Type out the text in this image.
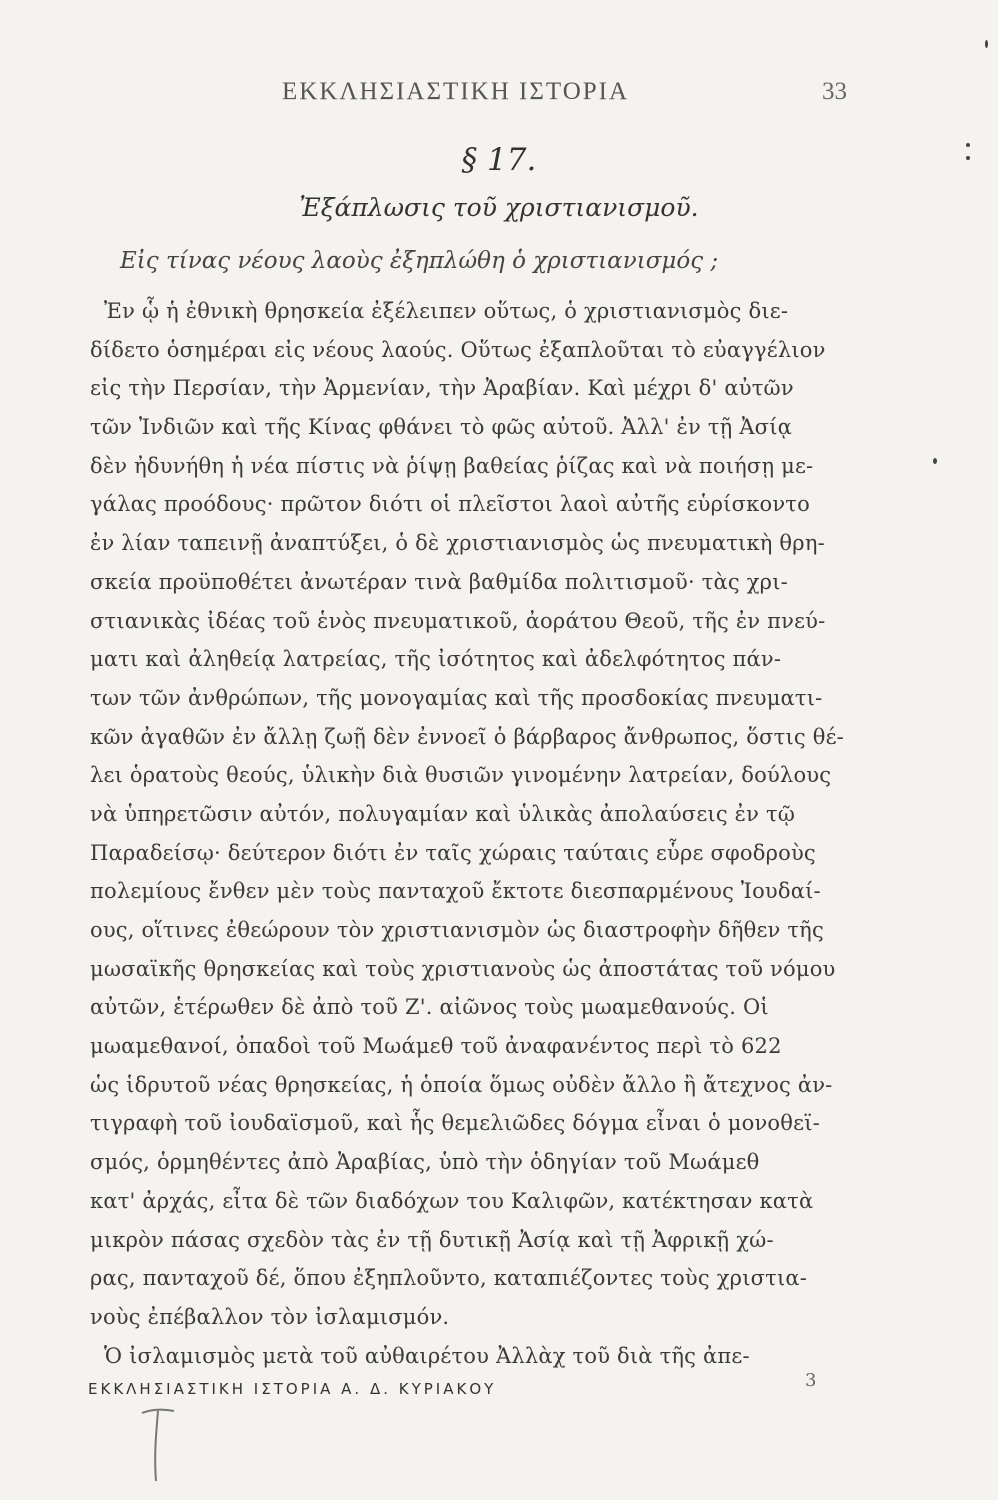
ΕΚΚΛΗΣΙΑΣΤΙΚΗ ΙΣΤΟΡΙΑ	33
§ 17.
Ἐξάπλωσις τοῦ χριστιανισμοῦ.
Εἰς τίνας νέους λαοὺς ἐξηπλώθη ὁ χριστιανισμός ;
Ἐν ᾧ ἡ ἐθνικὴ θρησκεία ἐξέλειπεν οὕτως, ὁ χριστιανισμὸς διε-
δίδετο ὁσημέραι εἰς νέους λαούς. Οὕτως ἐξαπλοῦται τὸ εὐαγγέλιον
εἰς τὴν Περσίαν, τὴν Ἀρμενίαν, τὴν Ἀραβίαν. Καὶ μέχρι δ' αὐτῶν
τῶν Ἰνδιῶν καὶ τῆς Κίνας φθάνει τὸ φῶς αὐτοῦ. Ἀλλ' ἐν τῇ Ἀσίᾳ
δὲν ἠδυνήθη ἡ νέα πίστις νὰ ῥίψῃ βαθείας ῥίζας καὶ νὰ ποιήσῃ με-
γάλας προόδους· πρῶτον διότι οἱ πλεῖστοι λαοὶ αὐτῆς εὑρίσκοντο
ἐν λίαν ταπεινῇ ἀναπτύξει, ὁ δὲ χριστιανισμὸς ὡς πνευματικὴ θρη-
σκεία προϋποθέτει ἀνωτέραν τινὰ βαθμίδα πολιτισμοῦ· τὰς χρι-
στιανικὰς ἰδέας τοῦ ἑνὸς πνευματικοῦ, ἀοράτου Θεοῦ, τῆς ἐν πνεύ-
ματι καὶ ἀληθείᾳ λατρείας, τῆς ἰσότητος καὶ ἀδελφότητος πάν-
των τῶν ἀνθρώπων, τῆς μονογαμίας καὶ τῆς προσδοκίας πνευματι-
κῶν ἀγαθῶν ἐν ἄλλῃ ζωῇ δὲν ἐννοεῖ ὁ βάρβαρος ἄνθρωπος, ὅστις θέ-
λει ὁρατοὺς θεούς, ὑλικὴν διὰ θυσιῶν γινομένην λατρείαν, δούλους
νὰ ὑπηρετῶσιν αὐτόν, πολυγαμίαν καὶ ὑλικὰς ἀπολαύσεις ἐν τῷ
Παραδείσῳ· δεύτερον διότι ἐν ταῖς χώραις ταύταις εὗρε σφοδροὺς
πολεμίους ἔνθεν μὲν τοὺς πανταχοῦ ἔκτοτε διεσπαρμένους Ἰουδαί-
ους, οἵτινες ἐθεώρουν τὸν χριστιανισμὸν ὡς διαστροφὴν δῆθεν τῆς
μωσαϊκῆς θρησκείας καὶ τοὺς χριστιανοὺς ὡς ἀποστάτας τοῦ νόμου
αὐτῶν, ἑτέρωθεν δὲ ἀπὸ τοῦ Ζ'. αἰῶνος τοὺς μωαμεθανούς. Οἱ
μωαμεθανοί, ὀπαδοὶ τοῦ Μωάμεθ τοῦ ἀναφανέντος περὶ τὸ 622
ὡς ἱδρυτοῦ νέας θρησκείας, ἡ ὁποία ὅμως οὐδὲν ἄλλο ἢ ἄτεχνος ἀν-
τιγραφὴ τοῦ ἰουδαϊσμοῦ, καὶ ἧς θεμελιῶδες δόγμα εἶναι ὁ μονοθεϊ-
σμός, ὁρμηθέντες ἀπὸ Ἀραβίας, ὑπὸ τὴν ὁδηγίαν τοῦ Μωάμεθ
κατ' ἀρχάς, εἶτα δὲ τῶν διαδόχων του Καλιφῶν, κατέκτησαν κατὰ
μικρὸν πάσας σχεδὸν τὰς ἐν τῇ δυτικῇ Ἀσίᾳ καὶ τῇ Ἀφρικῇ χώ-
ρας, πανταχοῦ δέ, ὅπου ἐξηπλοῦντο, καταπιέζοντες τοὺς χριστια-
νοὺς ἐπέβαλλον τὸν ἰσλαμισμόν.
Ὁ ἰσλαμισμὸς μετὰ τοῦ αὐθαιρέτου Ἀλλὰχ τοῦ διὰ τῆς ἀπε-
ΕΚΚΛΗΣΙΑΣΤΙΚΗ ΙΣΤΟΡΙΑ Α. Δ. ΚΥΡΙΑΚΟΥ	3
